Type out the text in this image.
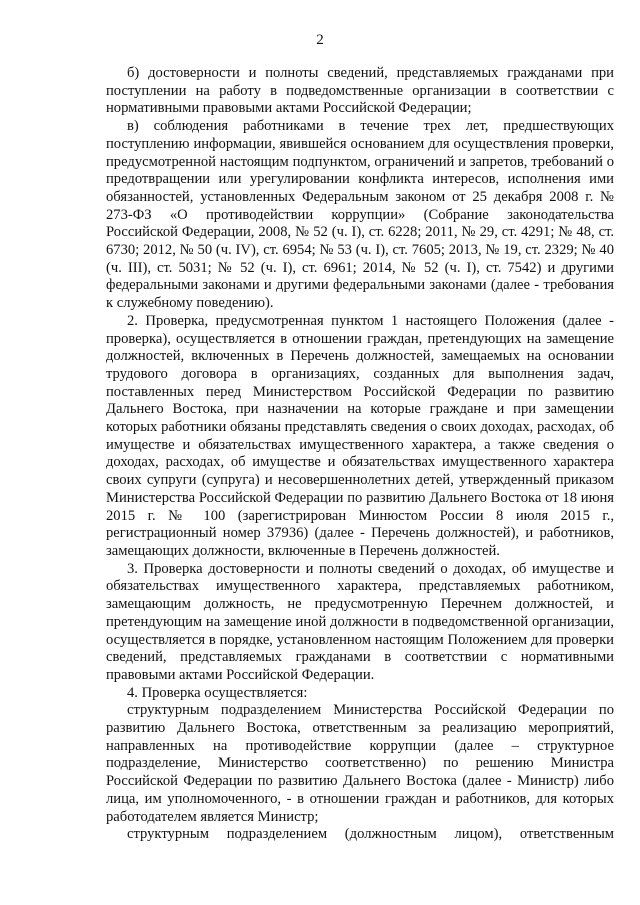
2

б) достоверности и полноты сведений, представляемых гражданами при поступлении на работу в подведомственные организации в соответствии с нормативными правовыми актами Российской Федерации;

в) соблюдения работниками в течение трех лет, предшествующих поступлению информации, явившейся основанием для осуществления проверки, предусмотренной настоящим подпунктом, ограничений и запретов, требований о предотвращении или урегулировании конфликта интересов, исполнения ими обязанностей, установленных Федеральным законом от 25 декабря 2008 г. № 273-ФЗ «О противодействии коррупции» (Собрание законодательства Российской Федерации, 2008, № 52 (ч. I), ст. 6228; 2011, № 29, ст. 4291; № 48, ст. 6730; 2012, № 50 (ч. IV), ст. 6954; № 53 (ч. I), ст. 7605; 2013, № 19, ст. 2329; № 40 (ч. III), ст. 5031; № 52 (ч. I), ст. 6961; 2014, № 52 (ч. I), ст. 7542) и другими федеральными законами и другими федеральными законами (далее - требования к служебному поведению).

2. Проверка, предусмотренная пунктом 1 настоящего Положения (далее - проверка), осуществляется в отношении граждан, претендующих на замещение должностей, включенных в Перечень должностей, замещаемых на основании трудового договора в организациях, созданных для выполнения задач, поставленных перед Министерством Российской Федерации по развитию Дальнего Востока, при назначении на которые граждане и при замещении которых работники обязаны представлять сведения о своих доходах, расходах, об имуществе и обязательствах имущественного характера, а также сведения о доходах, расходах, об имуществе и обязательствах имущественного характера своих супруги (супруга) и несовершеннолетних детей, утвержденный приказом Министерства Российской Федерации по развитию Дальнего Востока от 18 июня 2015 г. № 100 (зарегистрирован Минюстом России 8 июля 2015 г., регистрационный номер 37936) (далее - Перечень должностей), и работников, замещающих должности, включенные в Перечень должностей.

3. Проверка достоверности и полноты сведений о доходах, об имуществе и обязательствах имущественного характера, представляемых работником, замещающим должность, не предусмотренную Перечнем должностей, и претендующим на замещение иной должности в подведомственной организации, осуществляется в порядке, установленном настоящим Положением для проверки сведений, представляемых гражданами в соответствии с нормативными правовыми актами Российской Федерации.

4. Проверка осуществляется:

структурным подразделением Министерства Российской Федерации по развитию Дальнего Востока, ответственным за реализацию мероприятий, направленных на противодействие коррупции (далее – структурное подразделение, Министерство соответственно) по решению Министра Российской Федерации по развитию Дальнего Востока (далее - Министр) либо лица, им уполномоченного, - в отношении граждан и работников, для которых работодателем является Министр;

структурным подразделением (должностным лицом), ответственным
